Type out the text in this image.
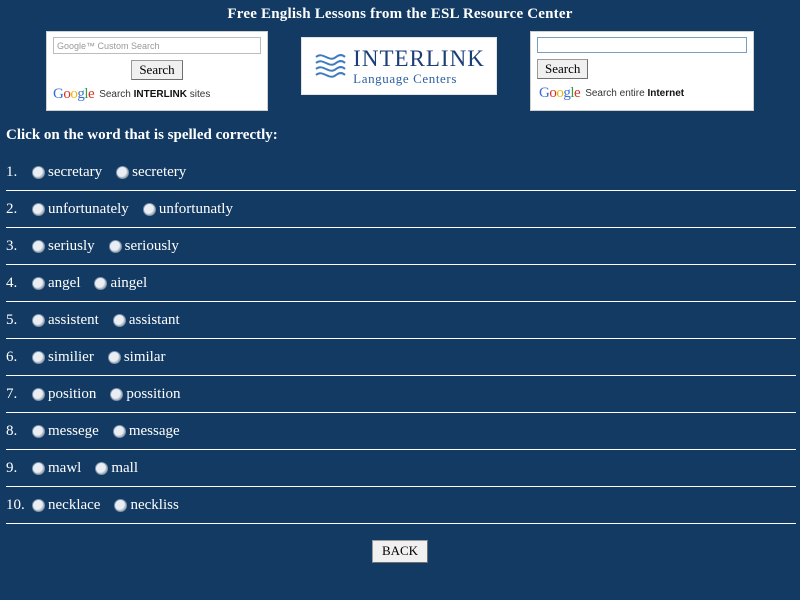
Free English Lessons from the ESL Resource Center
Google™ Custom Search
Search
Google Search INTERLINK sites
INTERLINK
Language Centers
Search
Google Search entire Internet
Click on the word that is spelled correctly:
1.	secretary secretery
2.	unfortunately unfortunatly
3.	seriusly seriously
4.	angel aingel
5.	assistent assistant
6.	similier similar
7.	position possition
8.	messege message
9.	mawl mall
10.	necklace neckliss
BACK
